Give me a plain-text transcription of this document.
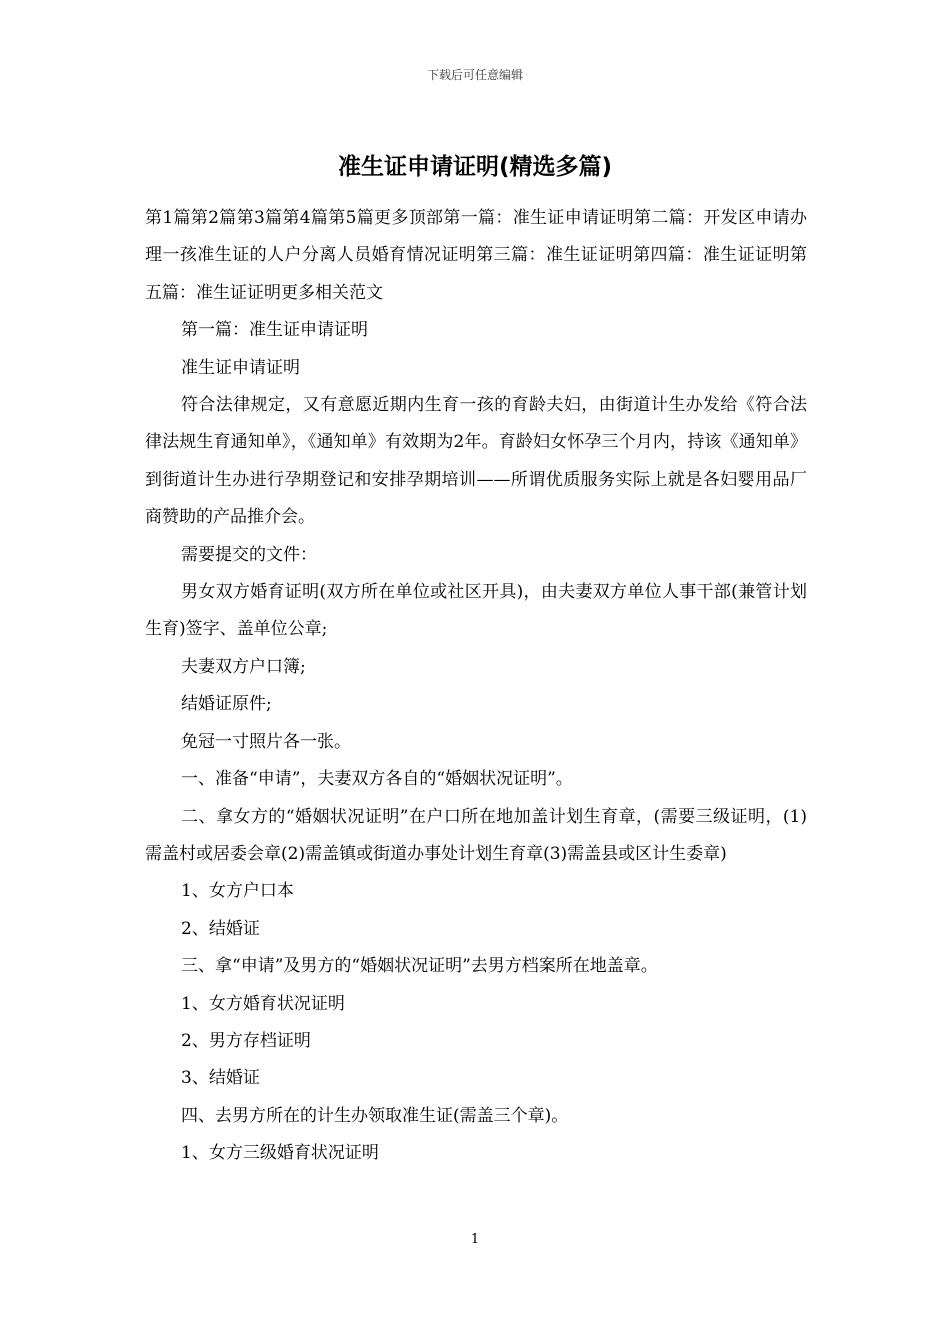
下载后可任意编辑
准生证申请证明(精选多篇)

第1篇第2篇第3篇第4篇第5篇更多顶部第一篇：准生证申请证明第二篇：开发区申请办理一孩准生证的人户分离人员婚育情况证明第三篇：准生证证明第四篇：准生证证明第五篇：准生证证明更多相关范文

第一篇：准生证申请证明

准生证申请证明

符合法律规定，又有意愿近期内生育一孩的育龄夫妇，由街道计生办发给《符合法律法规生育通知单》，《通知单》有效期为2年。育龄妇女怀孕三个月内，持该《通知单》到街道计生办进行孕期登记和安排孕期培训——所谓优质服务实际上就是各妇婴用品厂商赞助的产品推介会。

需要提交的文件：

男女双方婚育证明(双方所在单位或社区开具)，由夫妻双方单位人事干部(兼管计划生育)签字、盖单位公章;

夫妻双方户口簿;

结婚证原件;

免冠一寸照片各一张。

一、准备“申请”，夫妻双方各自的“婚姻状况证明”。

二、拿女方的“婚姻状况证明”在户口所在地加盖计划生育章，(需要三级证明，(1)需盖村或居委会章(2)需盖镇或街道办事处计划生育章(3)需盖县或区计生委章)

1、女方户口本

2、结婚证

三、拿“申请”及男方的“婚姻状况证明”去男方档案所在地盖章。

1、女方婚育状况证明

2、男方存档证明

3、结婚证

四、去男方所在的计生办领取准生证(需盖三个章)。

1、女方三级婚育状况证明

1
